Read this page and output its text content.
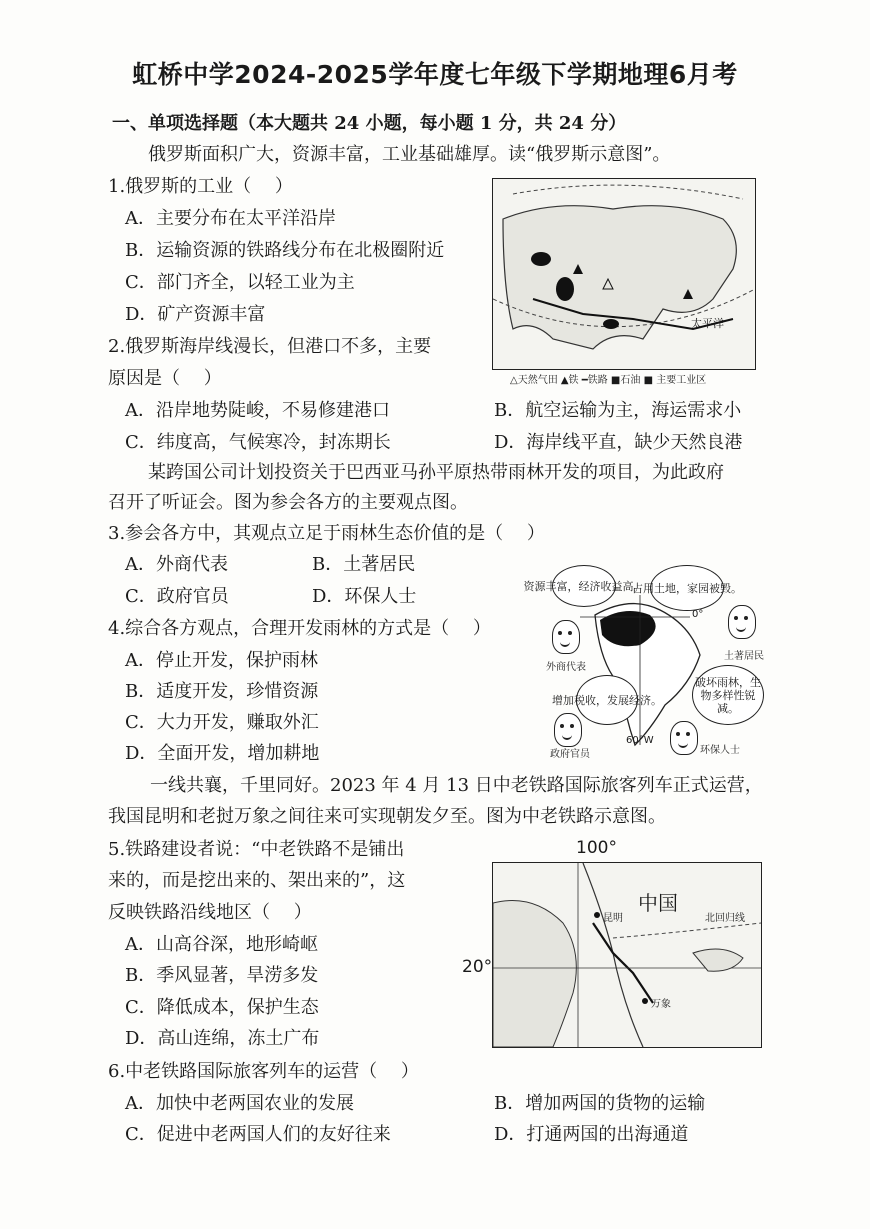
虹桥中学2024-2025学年度七年级下学期地理6月考
一、单项选择题（本大题共 24 小题，每小题 1 分，共 24 分）
俄罗斯面积广大，资源丰富，工业基础雄厚。读“俄罗斯示意图”。
1.俄罗斯的工业（　 ）
A．主要分布在太平洋沿岸
B．运输资源的铁路线分布在北极圈附近
C．部门齐全，以轻工业为主
D．矿产资源丰富	太平洋
△天然气田 ▲铁 ━铁路 ■石油 ■ 主要工业区
2.俄罗斯海岸线漫长，但港口不多，主要
原因是（　 ）
A．沿岸地势陡峻，不易修建港口	B．航空运输为主，海运需求小
C．纬度高，气候寒冷，封冻期长	D．海岸线平直，缺少天然良港
某跨国公司计划投资关于巴西亚马孙平原热带雨林开发的项目，为此政府
召开了听证会。图为参会各方的主要观点图。
3.参会各方中，其观点立足于雨林生态价值的是（　 ）
A．外商代表	B．土著居民
C．政府官员	D．环保人士
4.综合各方观点，合理开发雨林的方式是（　 ）
A．停止开发，保护雨林
B．适度开发，珍惜资源
C．大力开发，赚取外汇
D．全面开发，增加耕地
资源丰富，经济收益高。
占用土地，家园被毁。
增加税收，发展经济。
破坏雨林，生物多样性锐减。
外商代表
土著居民
政府官员	环保人士
0°
60°W
一线共襄，千里同好。2023 年 4 月 13 日中老铁路国际旅客列车正式运营，
我国昆明和老挝万象之间往来可实现朝发夕至。图为中老铁路示意图。
5.铁路建设者说：“中老铁路不是铺出
来的，而是挖出来的、架出来的”，这
反映铁路沿线地区（　 ）
A．山高谷深，地形崎岖
B．季风显著，旱涝多发
C．降低成本，保护生态
D．高山连绵，冻土广布
100°
20°
中国
北回归线
昆明
万象
6.中老铁路国际旅客列车的运营（　 ）
A．加快中老两国农业的发展	B．增加两国的货物的运输
C．促进中老两国人们的友好往来	D．打通两国的出海通道
